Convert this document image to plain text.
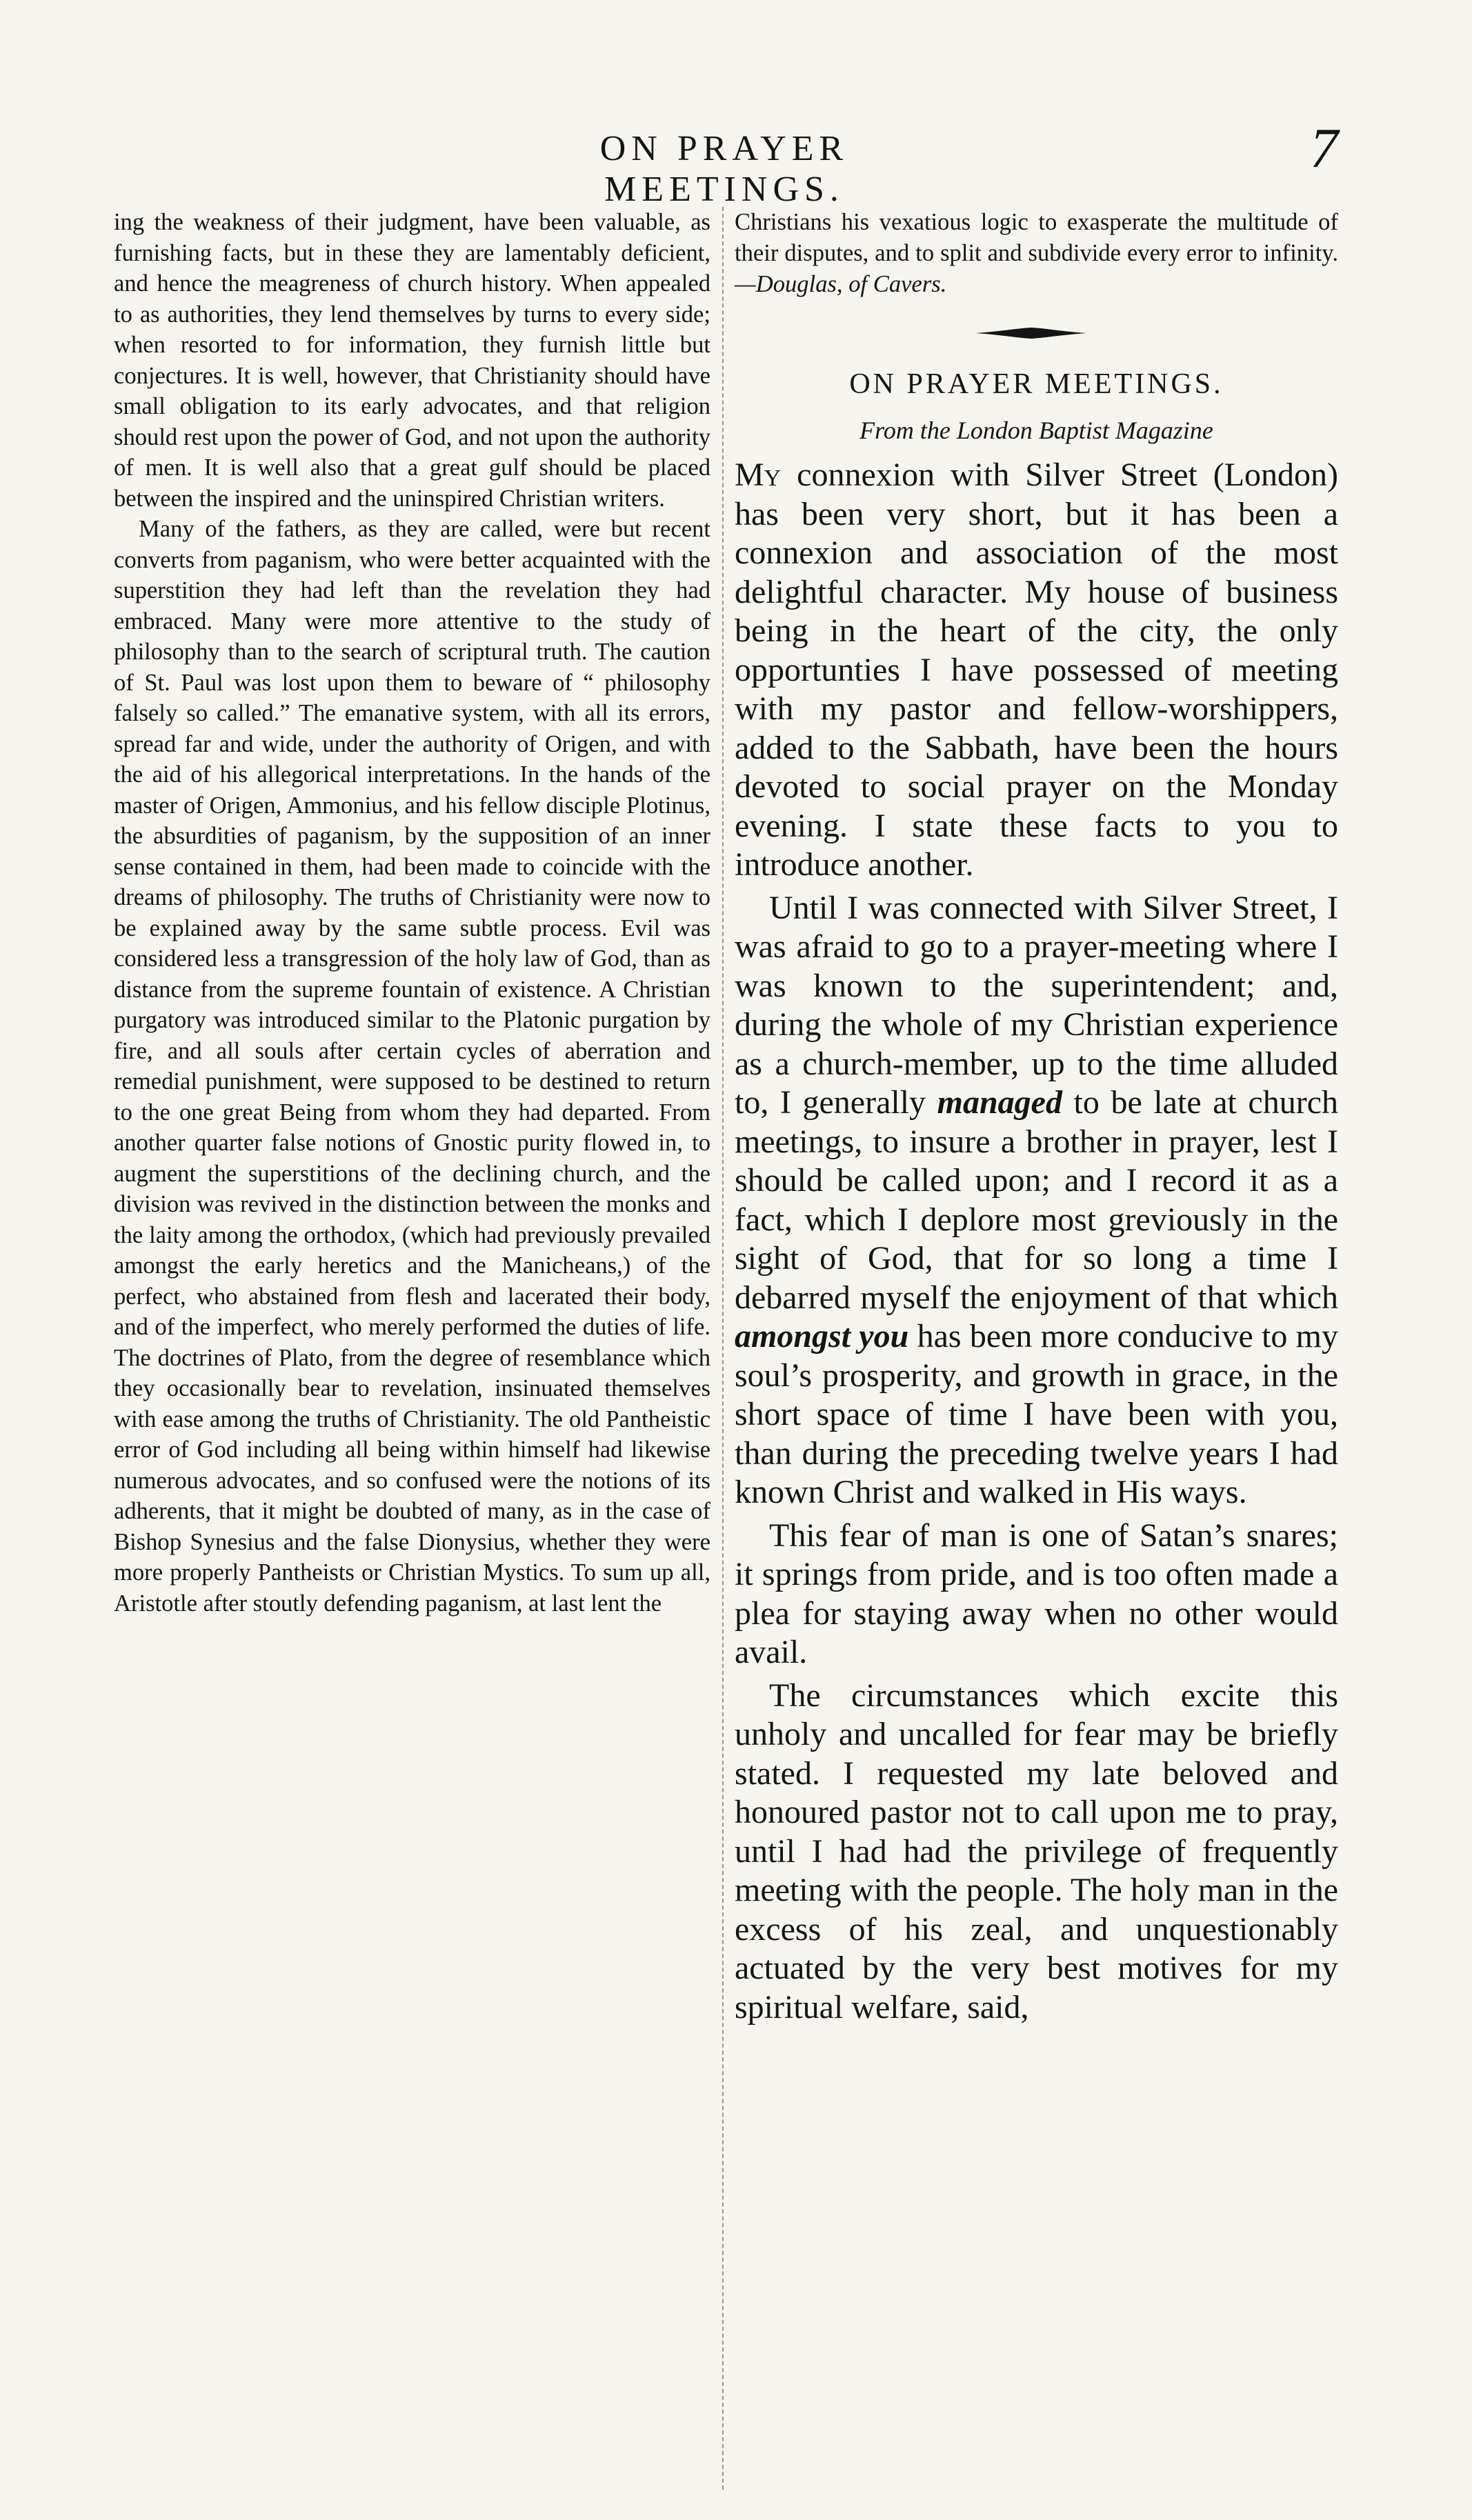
ON PRAYER MEETINGS.
7

ing the weakness of their judgment, have been valuable, as furnishing facts, but in these they are lamentably deficient, and hence the meagreness of church history. When appealed to as authorities, they lend themselves by turns to every side; when resorted to for information, they furnish little but conjectures. It is well, however, that Christianity should have small obligation to its early advocates, and that religion should rest upon the power of God, and not upon the authority of men. It is well also that a great gulf should be placed between the inspired and the uninspired Christian writers.

Many of the fathers, as they are called, were but recent converts from paganism, who were better acquainted with the superstition they had left than the revelation they had embraced. Many were more attentive to the study of philosophy than to the search of scriptural truth. The caution of St. Paul was lost upon them to beware of “ philosophy falsely so called.” The emanative system, with all its errors, spread far and wide, under the authority of Origen, and with the aid of his allegorical interpretations. In the hands of the master of Origen, Ammonius, and his fellow disciple Plotinus, the absurdities of paganism, by the supposition of an inner sense contained in them, had been made to coincide with the dreams of philosophy. The truths of Christianity were now to be explained away by the same subtle process. Evil was considered less a transgression of the holy law of God, than as distance from the supreme fountain of existence. A Christian purgatory was introduced similar to the Platonic purgation by fire, and all souls after certain cycles of aberration and remedial punishment, were supposed to be destined to return to the one great Being from whom they had departed. From another quarter false notions of Gnostic purity flowed in, to augment the superstitions of the declining church, and the division was revived in the distinction between the monks and the laity among the orthodox, (which had previously prevailed amongst the early heretics and the Manicheans,) of the perfect, who abstained from flesh and lacerated their body, and of the imperfect, who merely performed the duties of life. The doctrines of Plato, from the degree of resemblance which they occasionally bear to revelation, insinuated themselves with ease among the truths of Christianity. The old Pantheistic error of God including all being within himself had likewise numerous advocates, and so confused were the notions of its adherents, that it might be doubted of many, as in the case of Bishop Synesius and the false Dionysius, whether they were more properly Pantheists or Christian Mystics. To sum up all, Aristotle after stoutly defending paganism, at last lent the

Christians his vexatious logic to exasperate the multitude of their disputes, and to split and subdivide every error to infinity.—Douglas, of Cavers.

ON PRAYER MEETINGS.
From the London Baptist Magazine

My connexion with Silver Street (London) has been very short, but it has been a connexion and association of the most delightful character. My house of business being in the heart of the city, the only opportunties I have possessed of meeting with my pastor and fellow-worshippers, added to the Sabbath, have been the hours devoted to social prayer on the Monday evening. I state these facts to you to introduce another.

Until I was connected with Silver Street, I was afraid to go to a prayer-meeting where I was known to the superintendent; and, during the whole of my Christian experience as a church-member, up to the time alluded to, I generally managed to be late at church meetings, to insure a brother in prayer, lest I should be called upon; and I record it as a fact, which I deplore most greviously in the sight of God, that for so long a time I debarred myself the enjoyment of that which amongst you has been more conducive to my soul’s prosperity, and growth in grace, in the short space of time I have been with you, than during the preceding twelve years I had known Christ and walked in His ways.

This fear of man is one of Satan’s snares; it springs from pride, and is too often made a plea for staying away when no other would avail.

The circumstances which excite this unholy and uncalled for fear may be briefly stated. I requested my late beloved and honoured pastor not to call upon me to pray, until I had had the privilege of frequently meeting with the people. The holy man in the excess of his zeal, and unquestionably actuated by the very best motives for my spiritual welfare, said,
